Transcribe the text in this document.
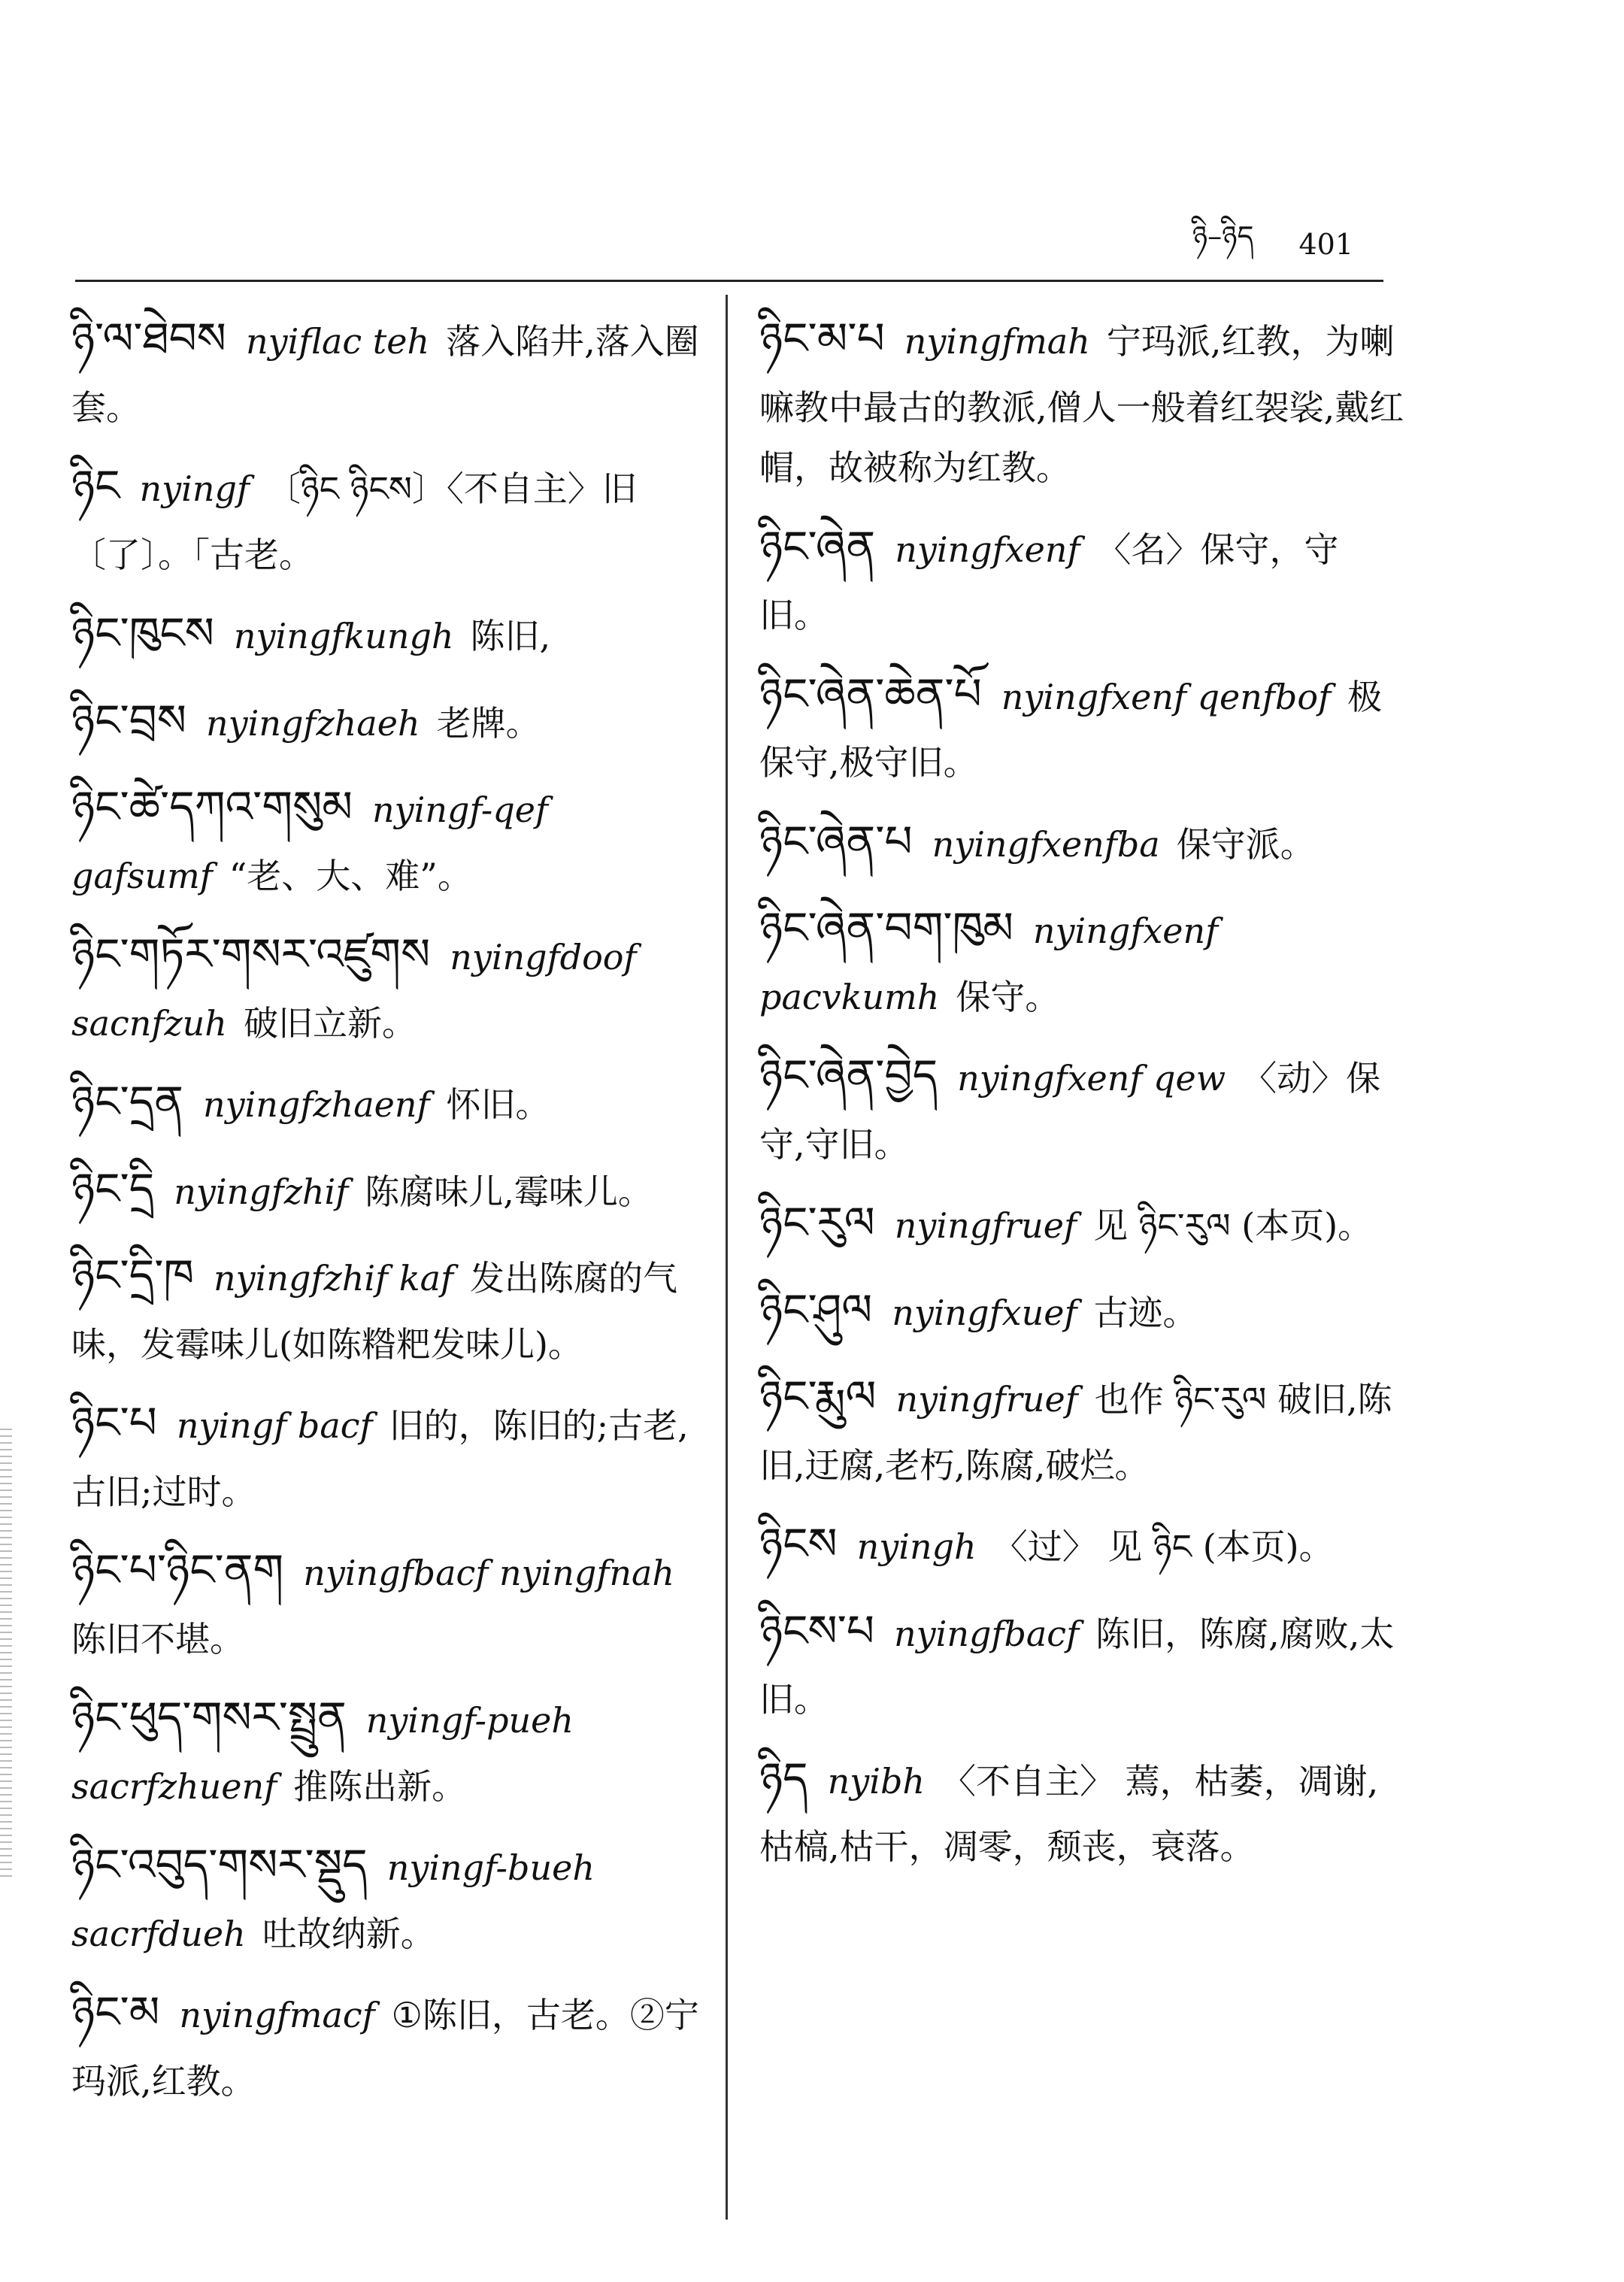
ཉི–ཉིད 401
ཉི་ལ་ཐེབས nyiflac teh 落入陷井,落入圈套。
ཉིང nyingf 〔ཉིང ཉིངས〕〈不自主〉旧〔了〕。「古老。
ཉིང་ཁུངས nyingfkungh 陈旧,
ཉིང་བྲས nyingfzhaeh 老牌。
ཉིང་ཚེ་དཀའ་གསུམ nyingf-qef gafsumf “老、大、难”。
ཉིང་གཏོར་གསར་འཛུགས nyingfdoof sacnfzuh 破旧立新。
ཉིང་དྲན nyingfzhaenf 怀旧。
ཉིང་དྲི nyingfzhif 陈腐味儿,霉味儿。
ཉིང་དྲི་ཁ nyingfzhif kaf 发出陈腐的气味，发霉味儿(如陈糌粑发味儿)。
ཉིང་པ nyingf bacf 旧的，陈旧的;古老,古旧;过时。
ཉིང་པ་ཉིང་ནག nyingfbacf nyingfnah陈旧不堪。
ཉིང་ཕུད་གསར་སྤྲུན nyingf-pueh sacrfzhuenf 推陈出新。
ཉིང་འབུད་གསར་སྡུད nyingf-bueh sacrfdueh 吐故纳新。
ཉིང་མ nyingfmacf ①陈旧，古老。②宁玛派,红教。
ཉིང་མ་པ nyingfmah 宁玛派,红教，为喇嘛教中最古的教派,僧人一般着红袈裟,戴红帽，故被称为红教。
ཉིང་ཞེན nyingfxenf 〈名〉保守，守旧。
ཉིང་ཞེན་ཆེན་པོ nyingfxenf qenfbof 极保守,极守旧。
ཉིང་ཞེན་པ nyingfxenfba 保守派。
ཉིང་ཞེན་བག་ཁུམ nyingfxenf pacvkumh 保守。
ཉིང་ཞེན་བྱེད nyingfxenf qew 〈动〉保守,守旧。
ཉིང་རུལ nyingfruef 见 ཉིང་རུལ (本页)。
ཉིང་ཤུལ nyingfxuef 古迹。
ཉིང་རྨུལ nyingfruef 也作 ཉིང་རུལ 破旧,陈旧,迂腐,老朽,陈腐,破烂。
ཉིངས nyingh 〈过〉 见 ཉིང (本页)。
ཉིངས་པ nyingfbacf 陈旧，陈腐,腐败,太旧。
ཉིད nyibh 〈不自主〉 蔫，枯萎，凋谢,枯槁,枯干，凋零，颓丧，衰落。
